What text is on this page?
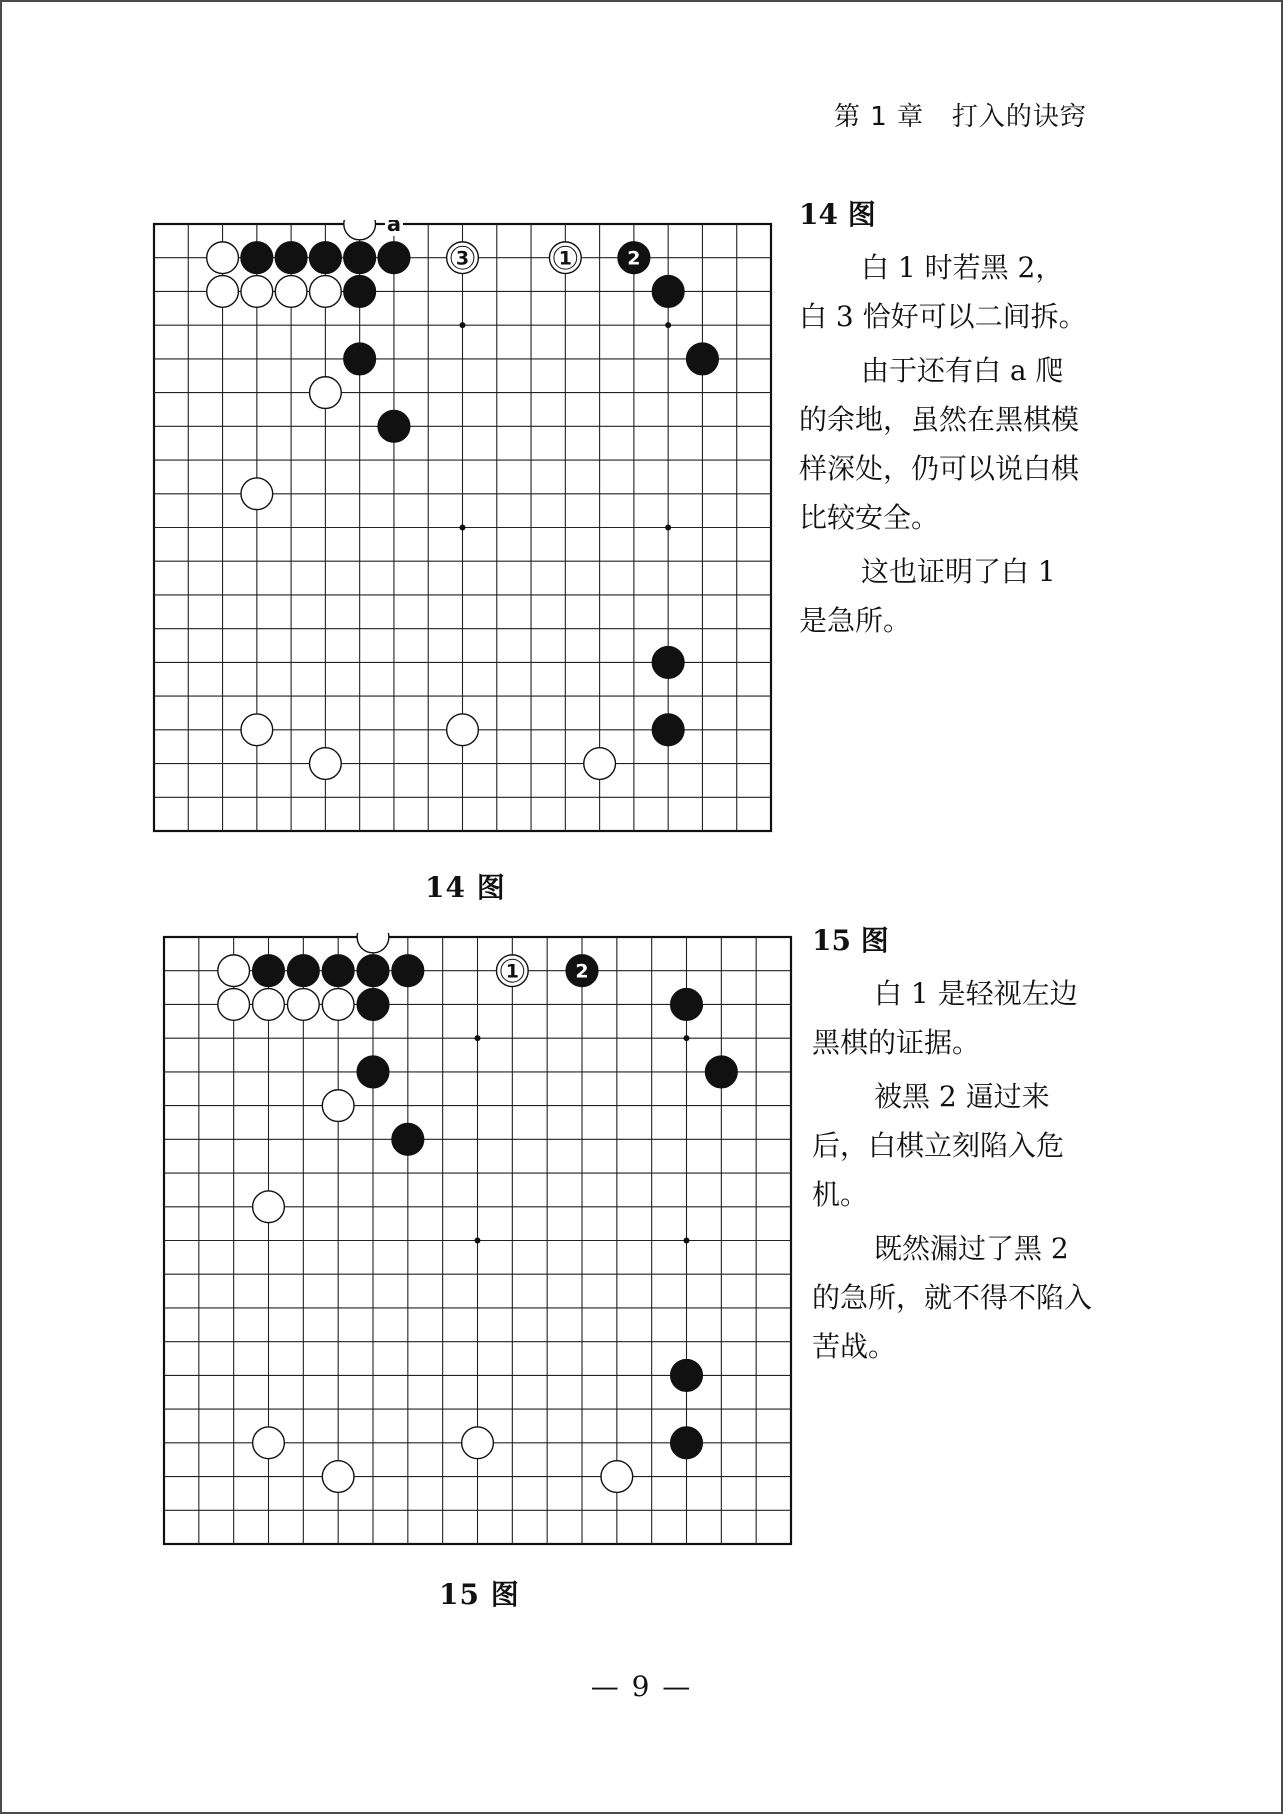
第 1 章 打入的诀窍
3	1	2
a
14 图
14 图
白 1 时若黑 2，白 3 恰好可以二间拆。
由于还有白 a 爬的余地，虽然在黑棋模样深处，仍可以说白棋比较安全。
这也证明了白 1 是急所。
1	2
15 图
15 图
白 1 是轻视左边黑棋的证据。
被黑 2 逼过来后，白棋立刻陷入危机。
既然漏过了黑 2 的急所，就不得不陷入苦战。
— 9 —
